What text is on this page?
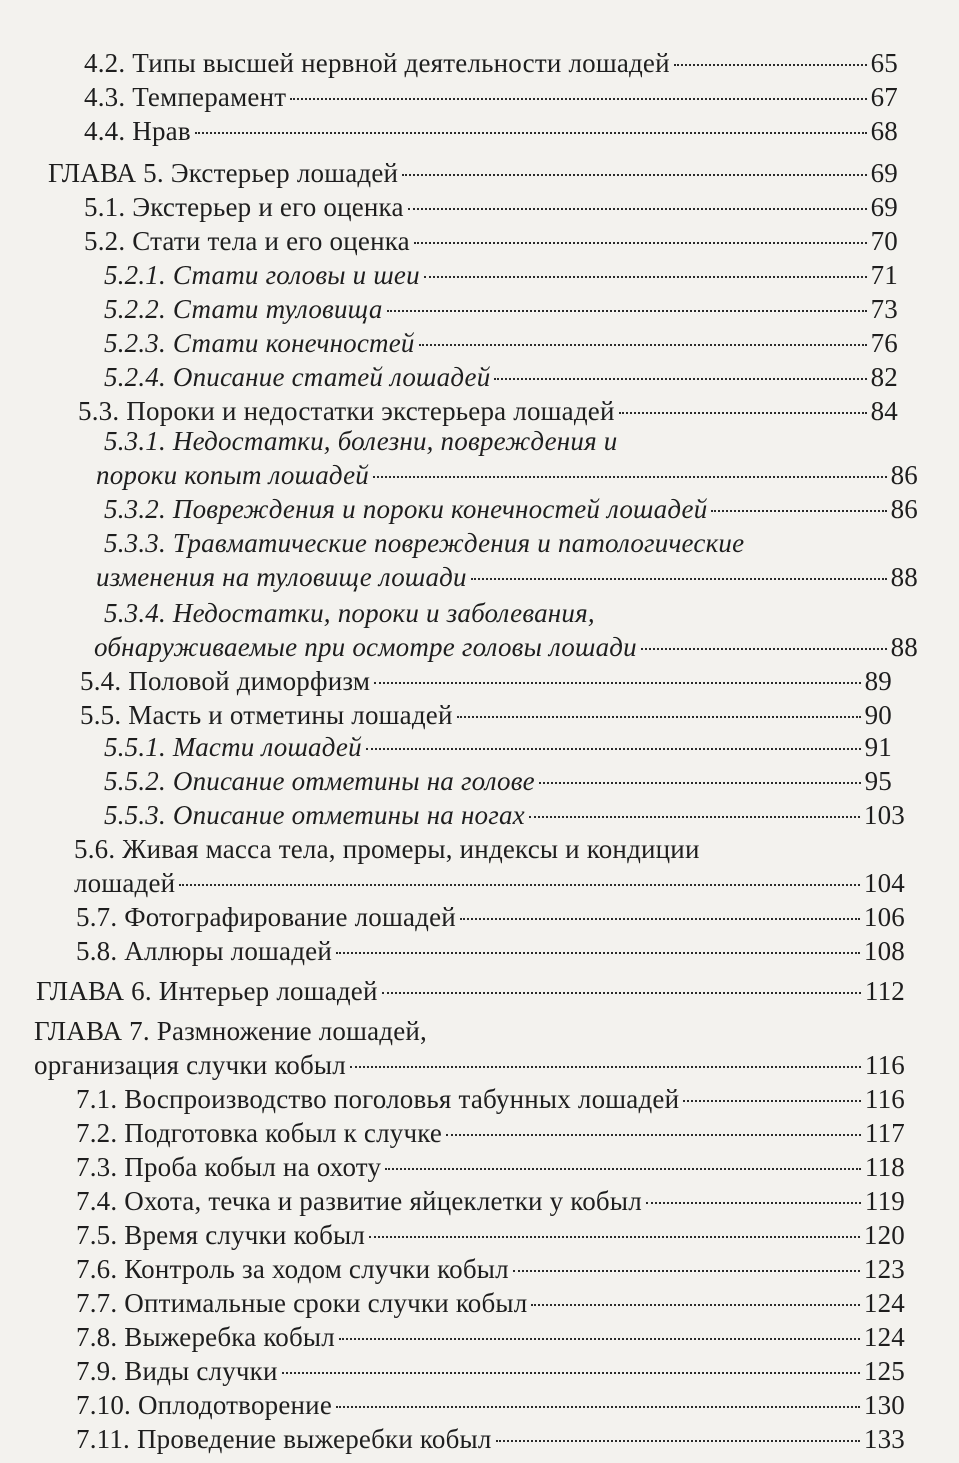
4.2. Типы высшей нервной деятельности лошадей	65
4.3. Темперамент	67
4.4. Нрав	68
ГЛАВА 5. Экстерьер лошадей	69
5.1. Экстерьер и его оценка	69
5.2. Стати тела и его оценка	70
5.2.1. Стати головы и шеи	71
5.2.2. Стати туловища	73
5.2.3. Стати конечностей	76
5.2.4. Описание статей лошадей	82
5.3. Пороки и недостатки экстерьера лошадей	84
5.3.1. Недостатки, болезни, повреждения и
пороки копыт лошадей	86
5.3.2. Повреждения и пороки конечностей лошадей	86
5.3.3. Травматические повреждения и патологические
изменения на туловище лошади	88
5.3.4. Недостатки, пороки и заболевания,
обнаруживаемые при осмотре головы лошади	88
5.4. Половой диморфизм	89
5.5. Масть и отметины лошадей	90
5.5.1. Масти лошадей	91
5.5.2. Описание отметины на голове	95
5.5.3. Описание отметины на ногах	103
5.6. Живая масса тела, промеры, индексы и кондиции
лошадей	104
5.7. Фотографирование лошадей	106
5.8. Аллюры лошадей	108
ГЛАВА 6. Интерьер лошадей	112
ГЛАВА 7. Размножение лошадей,
организация случки кобыл	116
7.1. Воспроизводство поголовья табунных лошадей	116
7.2. Подготовка кобыл к случке	117
7.3. Проба кобыл на охоту	118
7.4. Охота, течка и развитие яйцеклетки у кобыл	119
7.5. Время случки кобыл	120
7.6. Контроль за ходом случки кобыл	123
7.7. Оптимальные сроки случки кобыл	124
7.8. Выжеребка кобыл	124
7.9. Виды случки	125
7.10. Оплодотворение	130
7.11. Проведение выжеребки кобыл	133
